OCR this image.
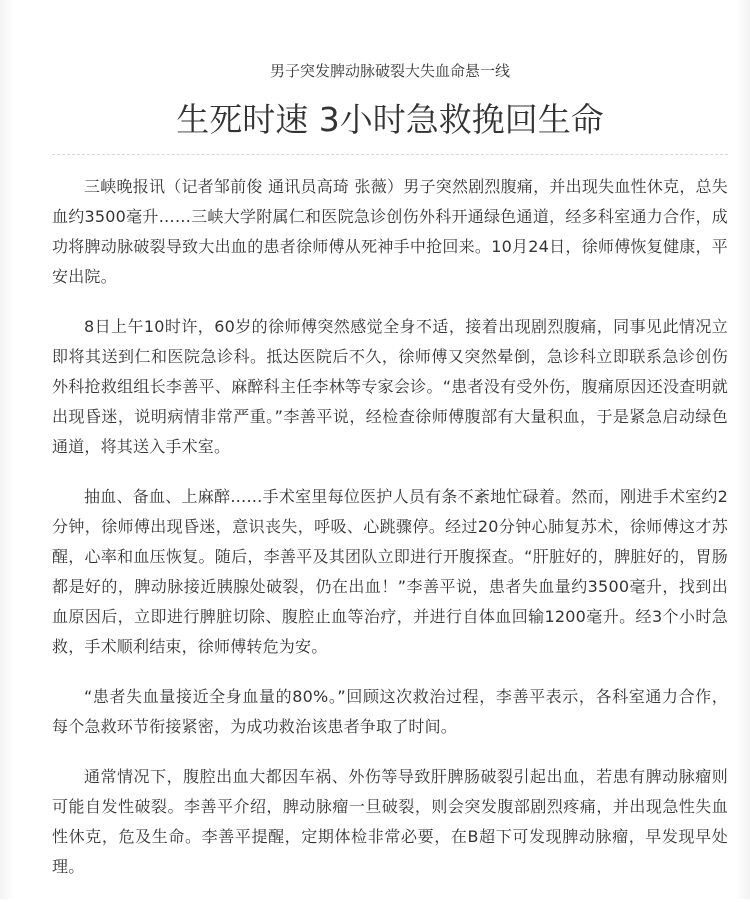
男子突发脾动脉破裂大失血命悬一线
生死时速 3小时急救挽回生命

三峡晚报讯（记者邹前俊 通讯员高琦 张薇）男子突然剧烈腹痛，并出现失血性休克，总失血约3500毫升……三峡大学附属仁和医院急诊创伤外科开通绿色通道，经多科室通力合作，成功将脾动脉破裂导致大出血的患者徐师傅从死神手中抢回来。10月24日，徐师傅恢复健康，平安出院。

8日上午10时许，60岁的徐师傅突然感觉全身不适，接着出现剧烈腹痛，同事见此情况立即将其送到仁和医院急诊科。抵达医院后不久，徐师傅又突然晕倒，急诊科立即联系急诊创伤外科抢救组组长李善平、麻醉科主任李林等专家会诊。“患者没有受外伤，腹痛原因还没查明就出现昏迷，说明病情非常严重。”李善平说，经检查徐师傅腹部有大量积血，于是紧急启动绿色通道，将其送入手术室。

抽血、备血、上麻醉……手术室里每位医护人员有条不紊地忙碌着。然而，刚进手术室约2分钟，徐师傅出现昏迷，意识丧失，呼吸、心跳骤停。经过20分钟心肺复苏术，徐师傅这才苏醒，心率和血压恢复。随后，李善平及其团队立即进行开腹探查。“肝脏好的，脾脏好的，胃肠都是好的，脾动脉接近胰腺处破裂，仍在出血！”李善平说，患者失血量约3500毫升，找到出血原因后，立即进行脾脏切除、腹腔止血等治疗，并进行自体血回输1200毫升。经3个小时急救，手术顺利结束，徐师傅转危为安。

“患者失血量接近全身血量的80%。”回顾这次救治过程，李善平表示，各科室通力合作，每个急救环节衔接紧密，为成功救治该患者争取了时间。

通常情况下，腹腔出血大都因车祸、外伤等导致肝脾肠破裂引起出血，若患有脾动脉瘤则可能自发性破裂。李善平介绍，脾动脉瘤一旦破裂，则会突发腹部剧烈疼痛，并出现急性失血性休克，危及生命。李善平提醒，定期体检非常必要，在B超下可发现脾动脉瘤，早发现早处理。
